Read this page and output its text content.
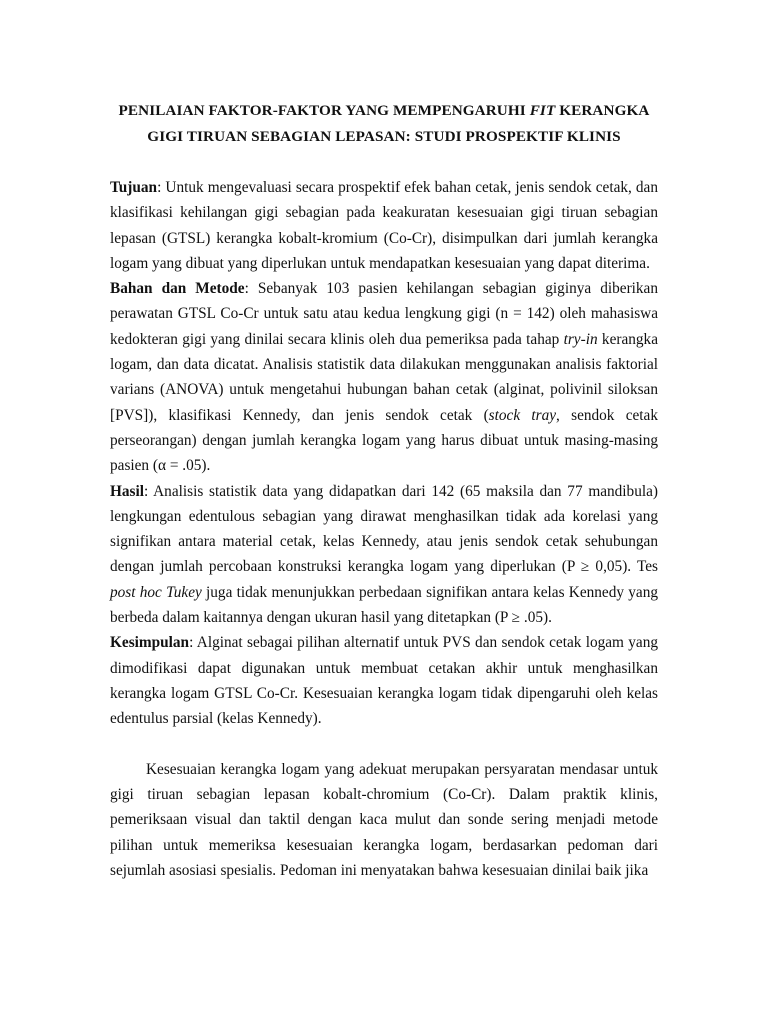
PENILAIAN FAKTOR-FAKTOR YANG MEMPENGARUHI FIT KERANGKA
GIGI TIRUAN SEBAGIAN LEPASAN: STUDI PROSPEKTIF KLINIS

Tujuan: Untuk mengevaluasi secara prospektif efek bahan cetak, jenis sendok cetak, dan klasifikasi kehilangan gigi sebagian pada keakuratan kesesuaian gigi tiruan sebagian lepasan (GTSL) kerangka kobalt-kromium (Co-Cr), disimpulkan dari jumlah kerangka logam yang dibuat yang diperlukan untuk mendapatkan kesesuaian yang dapat diterima.

Bahan dan Metode: Sebanyak 103 pasien kehilangan sebagian giginya diberikan perawatan GTSL Co-Cr untuk satu atau kedua lengkung gigi (n = 142) oleh mahasiswa kedokteran gigi yang dinilai secara klinis oleh dua pemeriksa pada tahap try-in kerangka logam, dan data dicatat. Analisis statistik data dilakukan menggunakan analisis faktorial varians (ANOVA) untuk mengetahui hubungan bahan cetak (alginat, polivinil siloksan [PVS]), klasifikasi Kennedy, dan jenis sendok cetak (stock tray, sendok cetak perseorangan) dengan jumlah kerangka logam yang harus dibuat untuk masing-masing pasien (α = .05).

Hasil: Analisis statistik data yang didapatkan dari 142 (65 maksila dan 77 mandibula) lengkungan edentulous sebagian yang dirawat menghasilkan tidak ada korelasi yang signifikan antara material cetak, kelas Kennedy, atau jenis sendok cetak sehubungan dengan jumlah percobaan konstruksi kerangka logam yang diperlukan (P ≥ 0,05). Tes post hoc Tukey juga tidak menunjukkan perbedaan signifikan antara kelas Kennedy yang berbeda dalam kaitannya dengan ukuran hasil yang ditetapkan (P ≥ .05).

Kesimpulan: Alginat sebagai pilihan alternatif untuk PVS dan sendok cetak logam yang dimodifikasi dapat digunakan untuk membuat cetakan akhir untuk menghasilkan kerangka logam GTSL Co-Cr. Kesesuaian kerangka logam tidak dipengaruhi oleh kelas edentulus parsial (kelas Kennedy).

Kesesuaian kerangka logam yang adekuat merupakan persyaratan mendasar untuk gigi tiruan sebagian lepasan kobalt-chromium (Co-Cr). Dalam praktik klinis, pemeriksaan visual dan taktil dengan kaca mulut dan sonde sering menjadi metode pilihan untuk memeriksa kesesuaian kerangka logam, berdasarkan pedoman dari sejumlah asosiasi spesialis. Pedoman ini menyatakan bahwa kesesuaian dinilai baik jika
